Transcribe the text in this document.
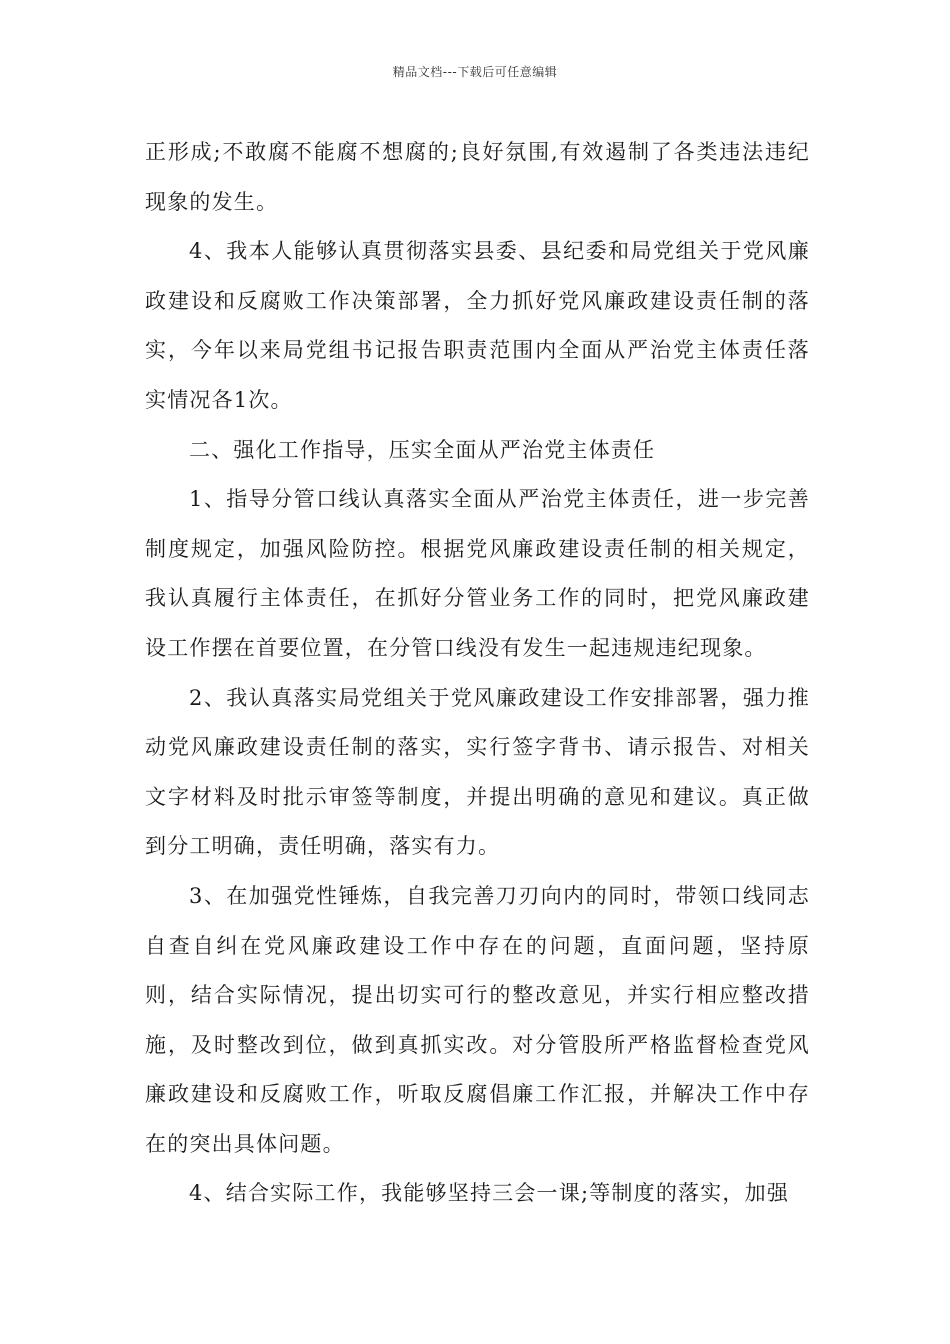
精品文档---下载后可任意编辑

正形成;不敢腐不能腐不想腐的;良好氛围,有效遏制了各类违法违纪现象的发生。

4、我本人能够认真贯彻落实县委、县纪委和局党组关于党风廉政建设和反腐败工作决策部署，全力抓好党风廉政建设责任制的落实，今年以来局党组书记报告职责范围内全面从严治党主体责任落实情况各1次。

二、强化工作指导，压实全面从严治党主体责任

1、指导分管口线认真落实全面从严治党主体责任，进一步完善制度规定，加强风险防控。根据党风廉政建设责任制的相关规定，我认真履行主体责任，在抓好分管业务工作的同时，把党风廉政建设工作摆在首要位置，在分管口线没有发生一起违规违纪现象。

2、我认真落实局党组关于党风廉政建设工作安排部署，强力推动党风廉政建设责任制的落实，实行签字背书、请示报告、对相关文字材料及时批示审签等制度，并提出明确的意见和建议。真正做到分工明确，责任明确，落实有力。

3、在加强党性锤炼，自我完善刀刃向内的同时，带领口线同志自查自纠在党风廉政建设工作中存在的问题，直面问题，坚持原则，结合实际情况，提出切实可行的整改意见，并实行相应整改措施，及时整改到位，做到真抓实改。对分管股所严格监督检查党风廉政建设和反腐败工作，听取反腐倡廉工作汇报，并解决工作中存在的突出具体问题。

4、结合实际工作，我能够坚持三会一课;等制度的落实，加强
